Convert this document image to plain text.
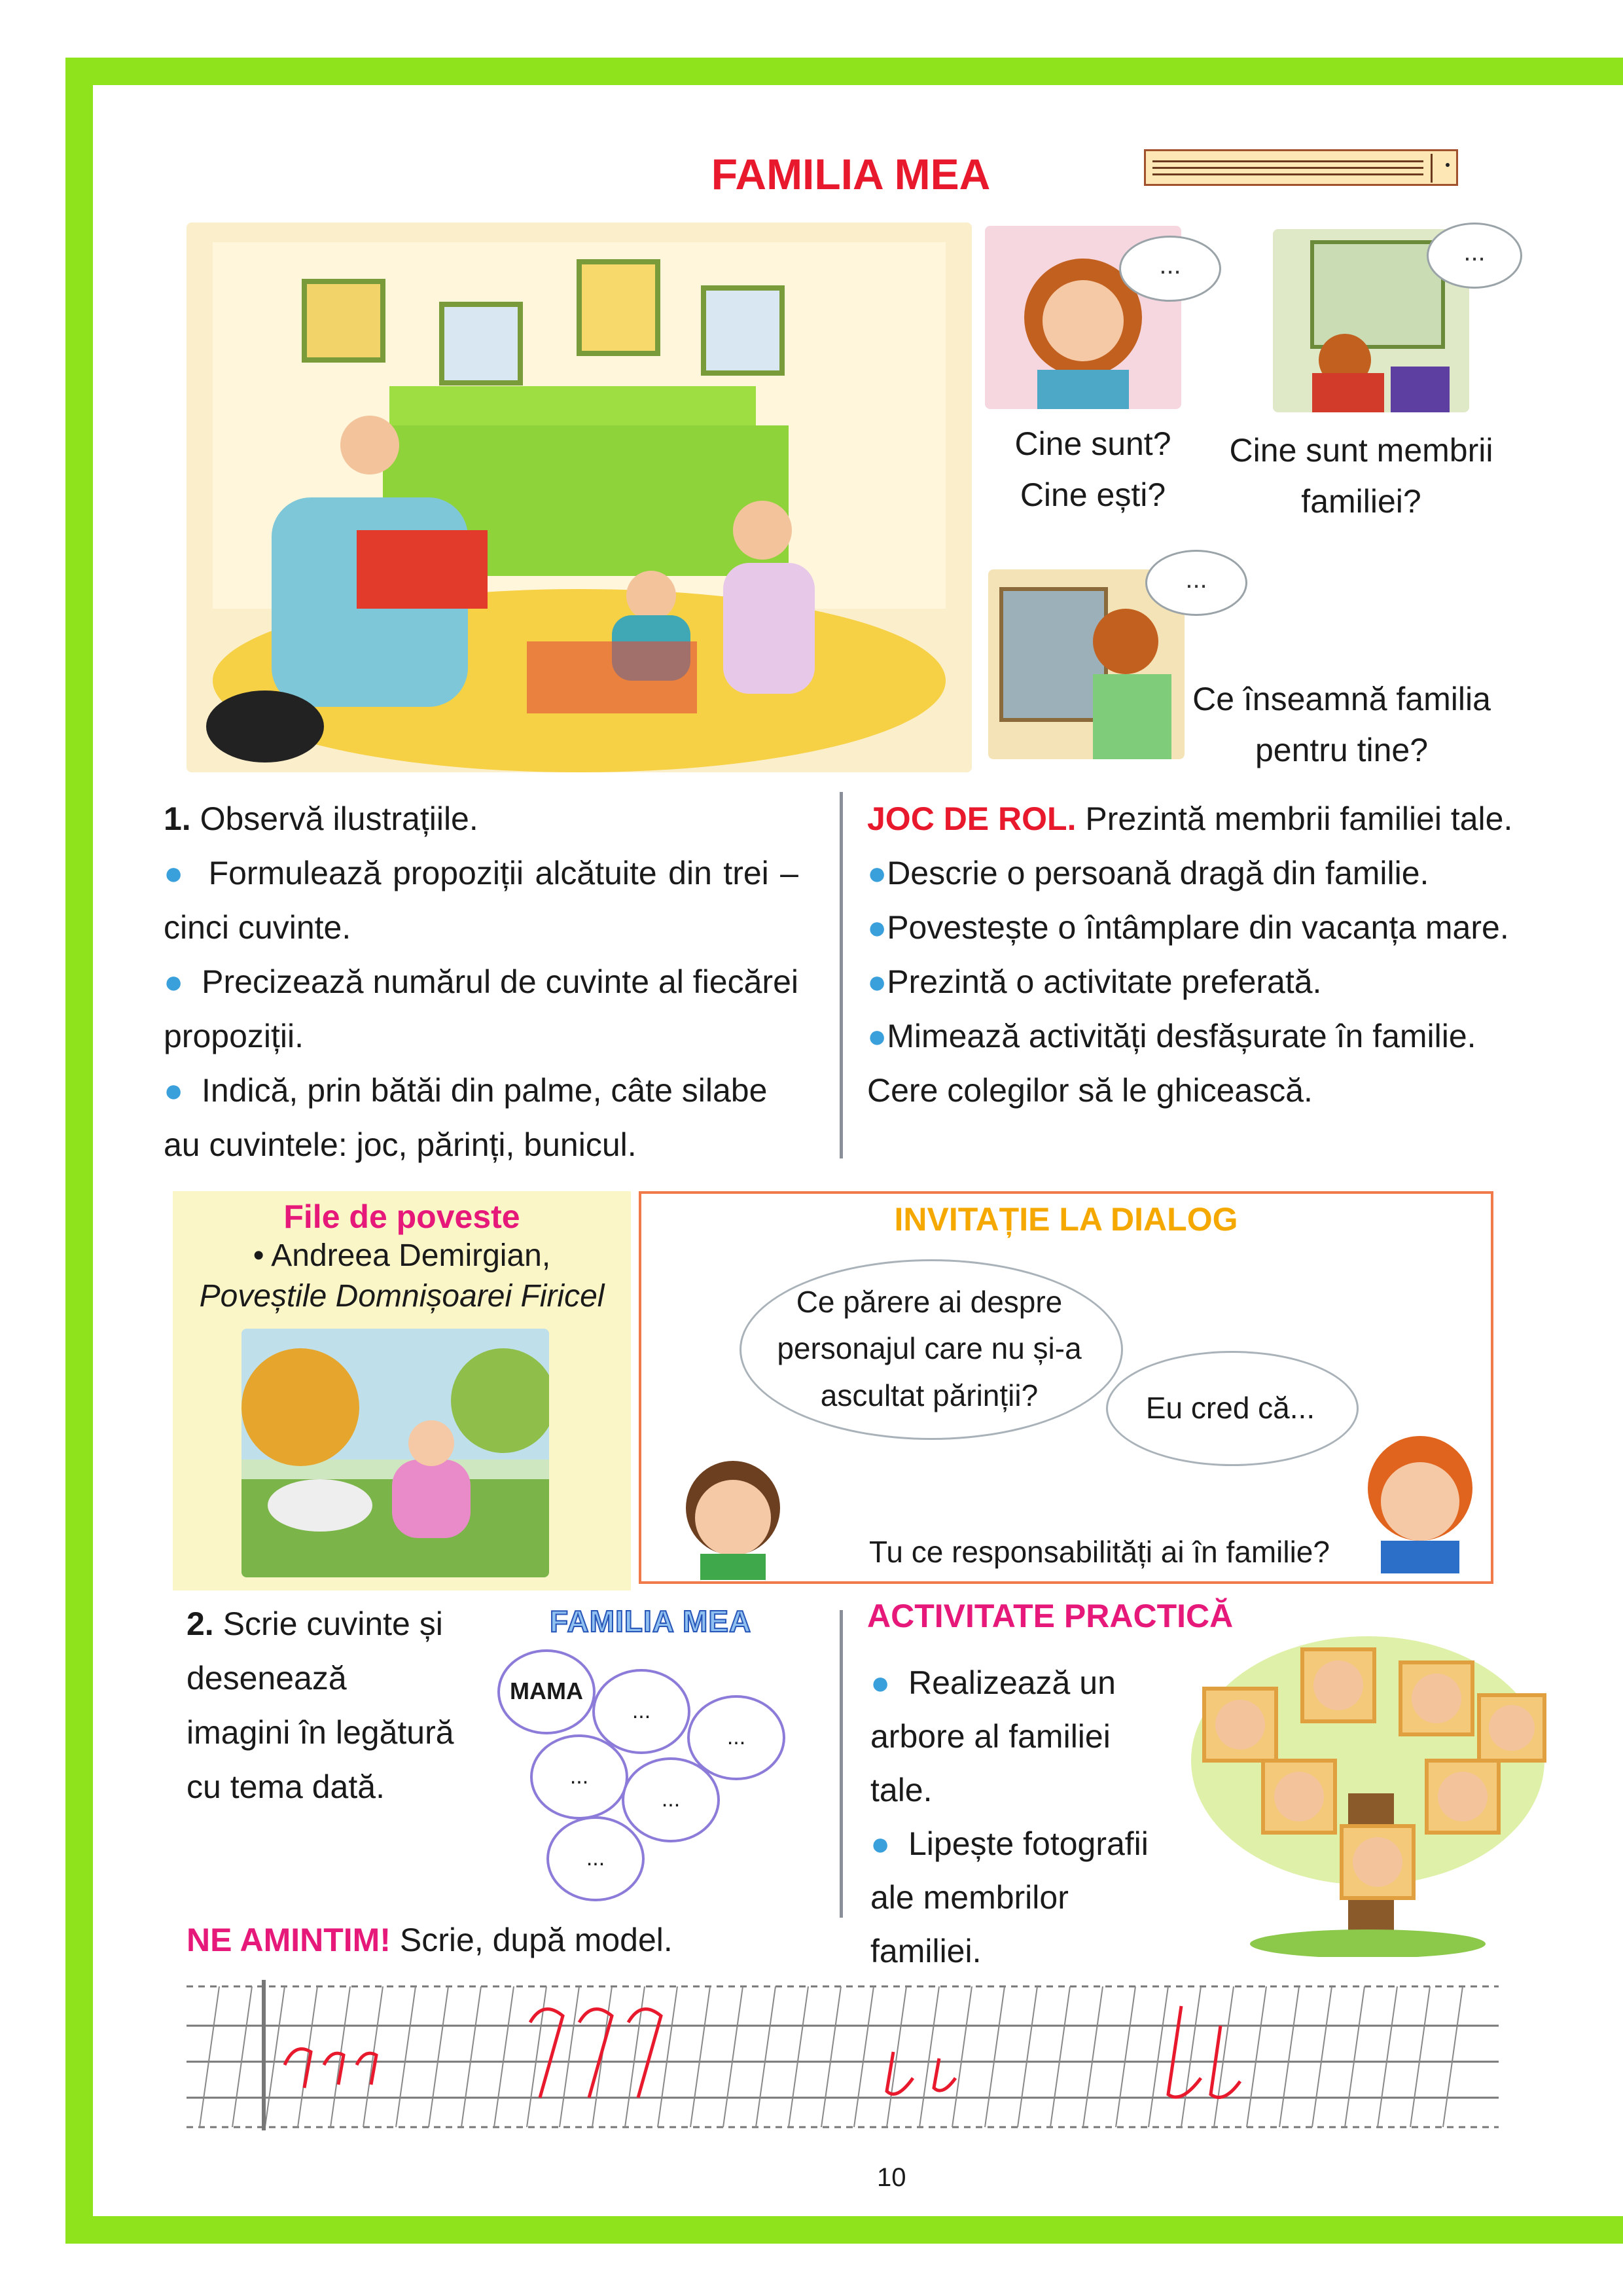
FAMILIA MEA
...
Cine sunt?
Cine ești?
...
Cine sunt membrii
familiei?
...
Ce înseamnă familia
pentru tine?
1. Observă ilustrațiile.
● Formulează propoziții alcătuite din trei – cinci cuvinte.
● Precizează numărul de cuvinte al fiecărei propoziții.
● Indică, prin bătăi din palme, câte silabe au cuvintele: joc, părinți, bunicul.
JOC DE ROL. Prezintă membrii familiei tale.
●Descrie o persoană dragă din familie.
●Povestește o întâmplare din vacanța mare.
●Prezintă o activitate preferată.
●Mimează activități desfășurate în familie.
Cere colegilor să le ghicească.
File de poveste
• Andreea Demirgian,
Poveștile Domnișoarei Firicel
INVITAȚIE LA DIALOG
Ce părere ai despre
personajul care nu și-a
ascultat părinții?	Eu cred că...
Tu ce responsabilități ai în familie?
2. Scrie cuvinte și
desenează
imagini în legătură
cu tema dată.
FAMILIA MEA
MAMA
...
...
...
...
...
ACTIVITATE PRACTICĂ
● Realizează un
arbore al familiei
tale.
● Lipește fotografii
ale membrilor
familiei.
NE AMINTIM! Scrie, după model.
10
